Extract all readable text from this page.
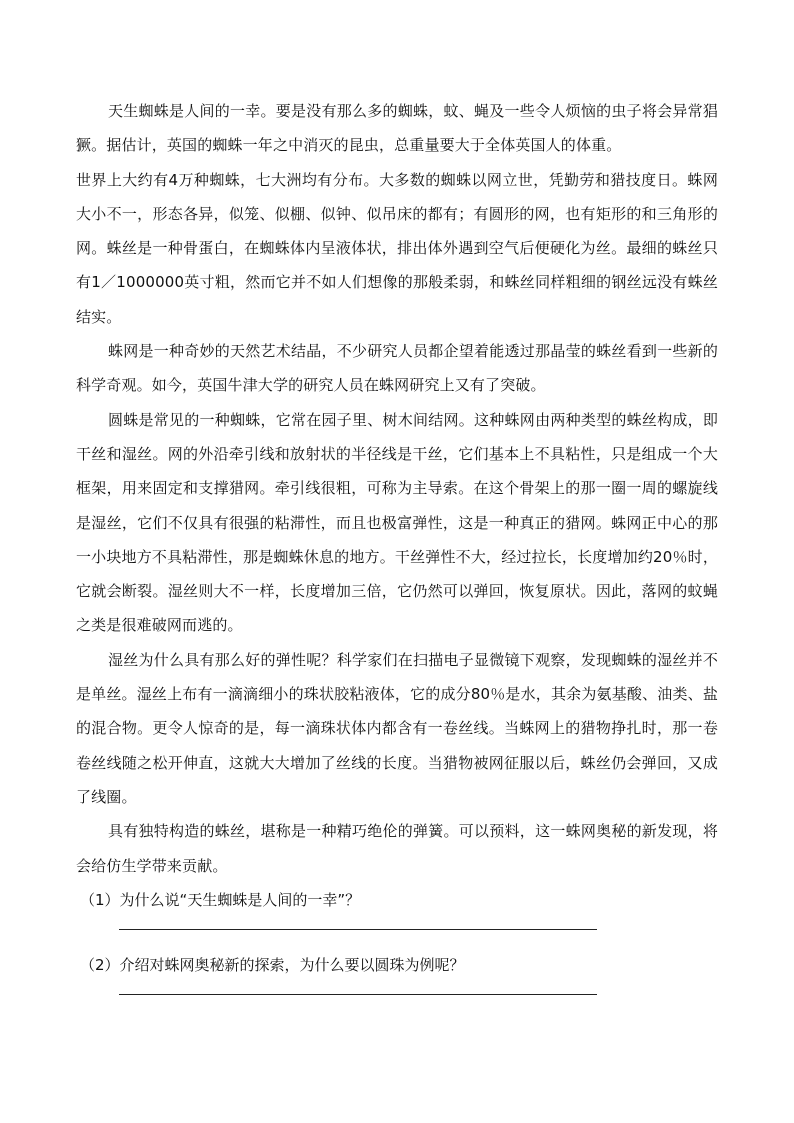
天生蜘蛛是人间的一幸。要是没有那么多的蜘蛛，蚊、蝇及一些令人烦恼的虫子将会异常猖獗。据估计，英国的蜘蛛一年之中消灭的昆虫，总重量要大于全体英国人的体重。

世界上大约有4万种蜘蛛，七大洲均有分布。大多数的蜘蛛以网立世，凭勤劳和猎技度日。蛛网大小不一，形态各异，似笼、似棚、似钟、似吊床的都有；有圆形的网，也有矩形的和三角形的网。蛛丝是一种骨蛋白，在蜘蛛体内呈液体状，排出体外遇到空气后便硬化为丝。最细的蛛丝只有1／1000000英寸粗，然而它并不如人们想像的那般柔弱，和蛛丝同样粗细的钢丝远没有蛛丝结实。

蛛网是一种奇妙的天然艺术结晶，不少研究人员都企望着能透过那晶莹的蛛丝看到一些新的科学奇观。如今，英国牛津大学的研究人员在蛛网研究上又有了突破。

圆蛛是常见的一种蜘蛛，它常在园子里、树木间结网。这种蛛网由两种类型的蛛丝构成，即干丝和湿丝。网的外沿牵引线和放射状的半径线是干丝，它们基本上不具粘性，只是组成一个大框架，用来固定和支撑猎网。牵引线很粗，可称为主导索。在这个骨架上的那一圈一周的螺旋线是湿丝，它们不仅具有很强的粘滞性，而且也极富弹性，这是一种真正的猎网。蛛网正中心的那一小块地方不具粘滞性，那是蜘蛛休息的地方。干丝弹性不大，经过拉长，长度增加约20％时，它就会断裂。湿丝则大不一样，长度增加三倍，它仍然可以弹回，恢复原状。因此，落网的蚊蝇之类是很难破网而逃的。

湿丝为什么具有那么好的弹性呢？科学家们在扫描电子显微镜下观察，发现蜘蛛的湿丝并不是单丝。湿丝上布有一滴滴细小的珠状胶粘液体，它的成分80％是水，其余为氨基酸、油类、盐的混合物。更令人惊奇的是，每一滴珠状体内都含有一卷丝线。当蛛网上的猎物挣扎时，那一卷卷丝线随之松开伸直，这就大大增加了丝线的长度。当猎物被网征服以后，蛛丝仍会弹回，又成了线圈。

具有独特构造的蛛丝，堪称是一种精巧绝伦的弹簧。可以预料，这一蛛网奥秘的新发现，将会给仿生学带来贡献。

（1）为什么说“天生蜘蛛是人间的一幸”？

（2）介绍对蛛网奥秘新的探索，为什么要以圆珠为例呢？
